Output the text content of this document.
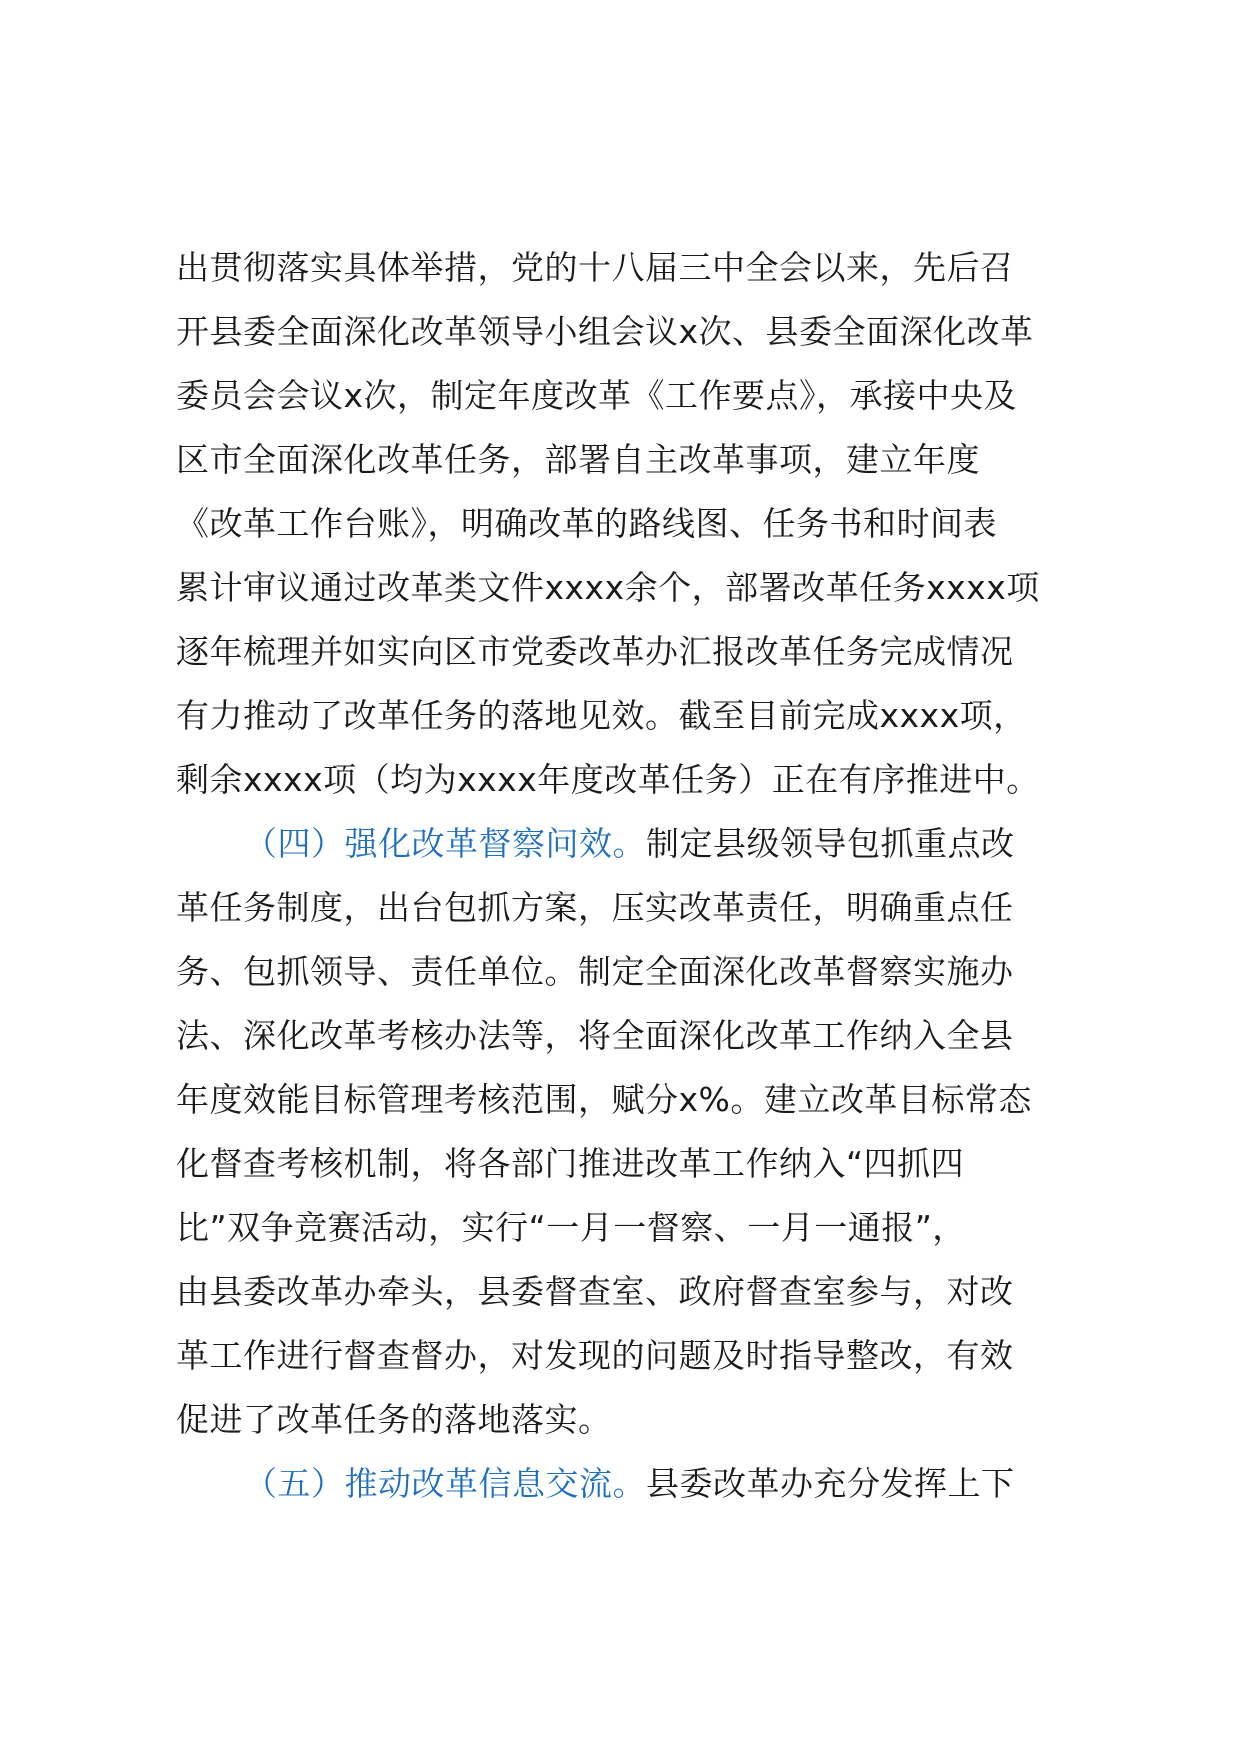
出贯彻落实具体举措，党的十八届三中全会以来，先后召
开县委全面深化改革领导小组会议x次、县委全面深化改革
委员会会议x次，制定年度改革《工作要点》，承接中央及
区市全面深化改革任务，部署自主改革事项，建立年度
《改革工作台账》，明确改革的路线图、任务书和时间表
累计审议通过改革类文件xxxx余个，部署改革任务xxxx项
逐年梳理并如实向区市党委改革办汇报改革任务完成情况
有力推动了改革任务的落地见效。截至目前完成xxxx项，
剩余xxxx项（均为xxxx年度改革任务）正在有序推进中。
（四）强化改革督察问效。制定县级领导包抓重点改
革任务制度，出台包抓方案，压实改革责任，明确重点任
务、包抓领导、责任单位。制定全面深化改革督察实施办
法、深化改革考核办法等，将全面深化改革工作纳入全县
年度效能目标管理考核范围，赋分x%。建立改革目标常态
化督查考核机制，将各部门推进改革工作纳入“四抓四
比”双争竞赛活动，实行“一月一督察、一月一通报”，
由县委改革办牵头，县委督查室、政府督查室参与，对改
革工作进行督查督办，对发现的问题及时指导整改，有效
促进了改革任务的落地落实。
（五）推动改革信息交流。县委改革办充分发挥上下
